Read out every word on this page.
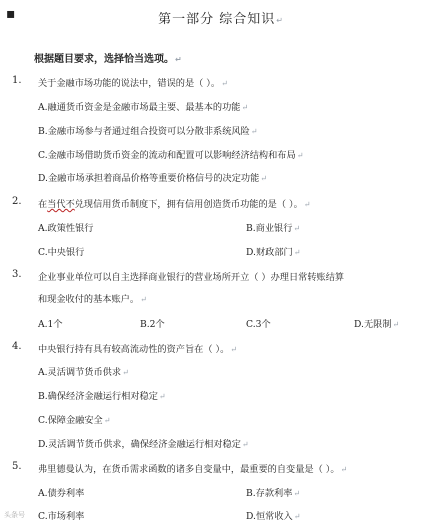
▪	第一部分 综合知识↵
根据题目要求，选择恰当选项。↵
1. 关于金融市场功能的说法中，错误的是（ ）。↵
A.融通货币资金是金融市场最主要、最基本的功能↵
B.金融市场参与者通过组合投资可以分散非系统风险↵
C.金融市场借助货币资金的流动和配置可以影响经济结构和布局↵
D.金融市场承担着商品价格等重要价格信号的决定功能↵
2. 在当代不兑现信用货币制度下，拥有信用创造货币功能的是（ ）。↵
A.政策性银行	B.商业银行↵
C.中央银行	D.财政部门↵
3. 企业事业单位可以自主选择商业银行的营业场所开立（ ）办理日常转账结算
和现金收付的基本账户。↵
A.1个	B.2个	C.3个	D.无限制↵
4. 中央银行持有具有较高流动性的资产旨在（ ）。↵
A.灵活调节货币供求↵
B.确保经济金融运行相对稳定↵
C.保障金融安全↵
D.灵活调节货币供求，确保经济金融运行相对稳定↵
5. 弗里德曼认为，在货币需求函数的诸多自变量中，最重要的自变量是（ ）。↵
A.债券利率	B.存款利率↵
C.市场利率	D.恒常收入↵
头条号
